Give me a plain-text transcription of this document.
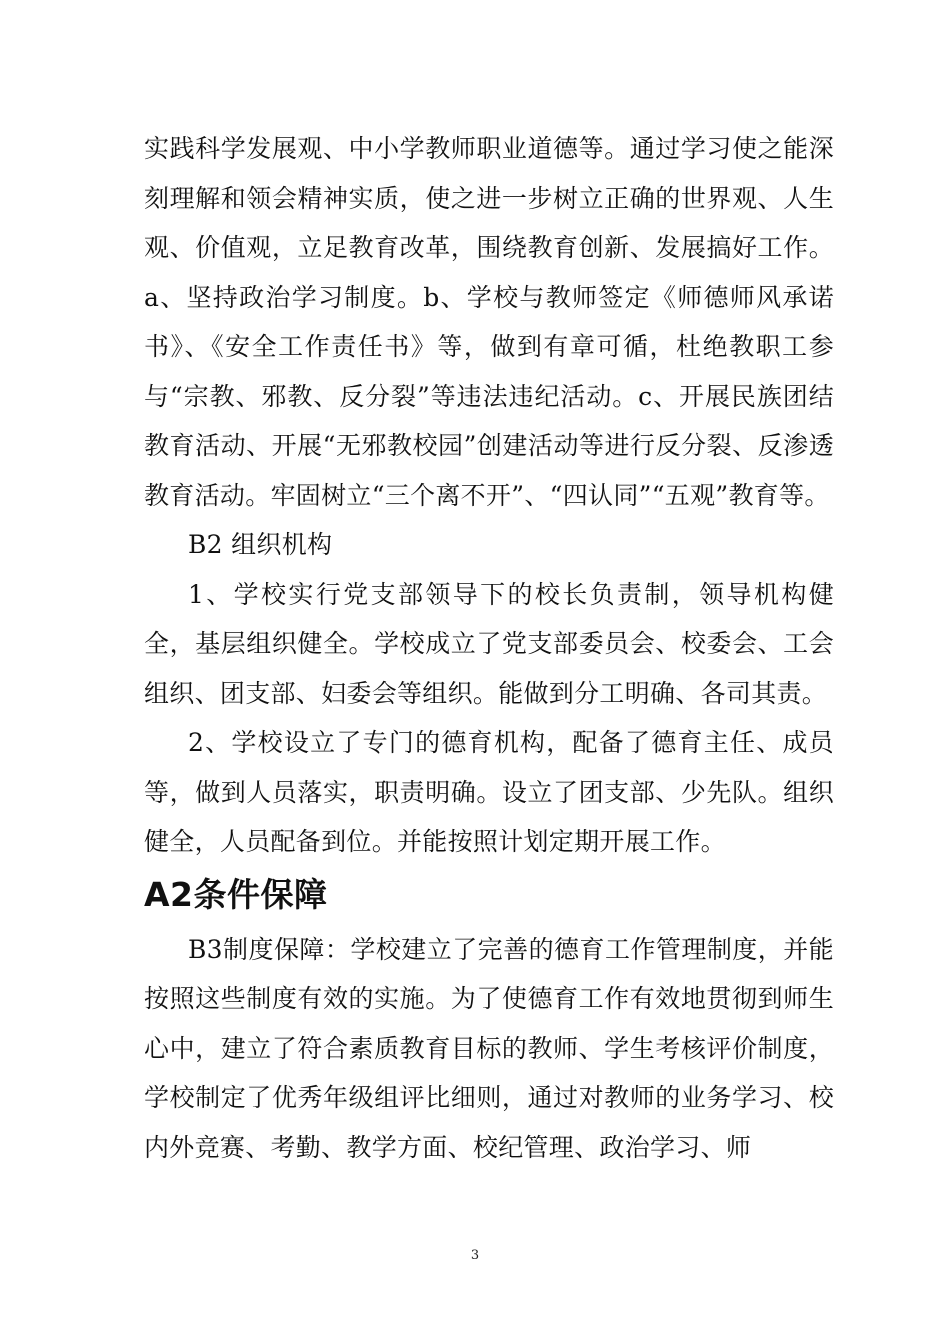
实践科学发展观、中小学教师职业道德等。通过学习使之能深刻理解和领会精神实质，使之进一步树立正确的世界观、人生观、价值观，立足教育改革，围绕教育创新、发展搞好工作。a、坚持政治学习制度。b、学校与教师签定《师德师风承诺书》、《安全工作责任书》等，做到有章可循，杜绝教职工参与“宗教、邪教、反分裂”等违法违纪活动。c、开展民族团结教育活动、开展“无邪教校园”创建活动等进行反分裂、反渗透教育活动。牢固树立“三个离不开”、“四认同”“五观”教育等。

B2 组织机构

1、学校实行党支部领导下的校长负责制，领导机构健全，基层组织健全。学校成立了党支部委员会、校委会、工会组织、团支部、妇委会等组织。能做到分工明确、各司其责。

2、学校设立了专门的德育机构，配备了德育主任、成员等，做到人员落实，职责明确。设立了团支部、少先队。组织健全，人员配备到位。并能按照计划定期开展工作。

A2条件保障

B3制度保障：学校建立了完善的德育工作管理制度，并能按照这些制度有效的实施。为了使德育工作有效地贯彻到师生心中，建立了符合素质教育目标的教师、学生考核评价制度，学校制定了优秀年级组评比细则，通过对教师的业务学习、校内外竞赛、考勤、教学方面、校纪管理、政治学习、师

3
